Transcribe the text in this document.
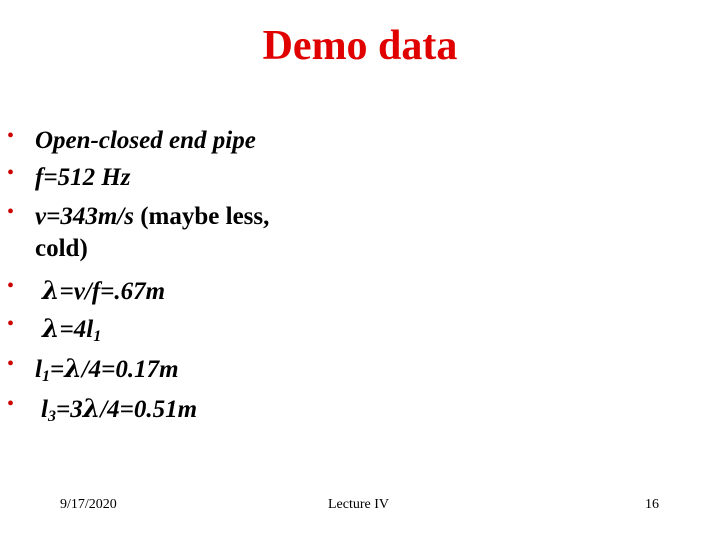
Demo data
• Open-closed end pipe
• f=512 Hz
• v=343m/s (maybe less,
cold)
• λ=v/f=.67m
• $\lambda=4l_1$
• $l_1=\lambda/4=0.17m$
• $l_3=3\lambda/4=0.51m$
9/17/2020	Lecture IV	16
